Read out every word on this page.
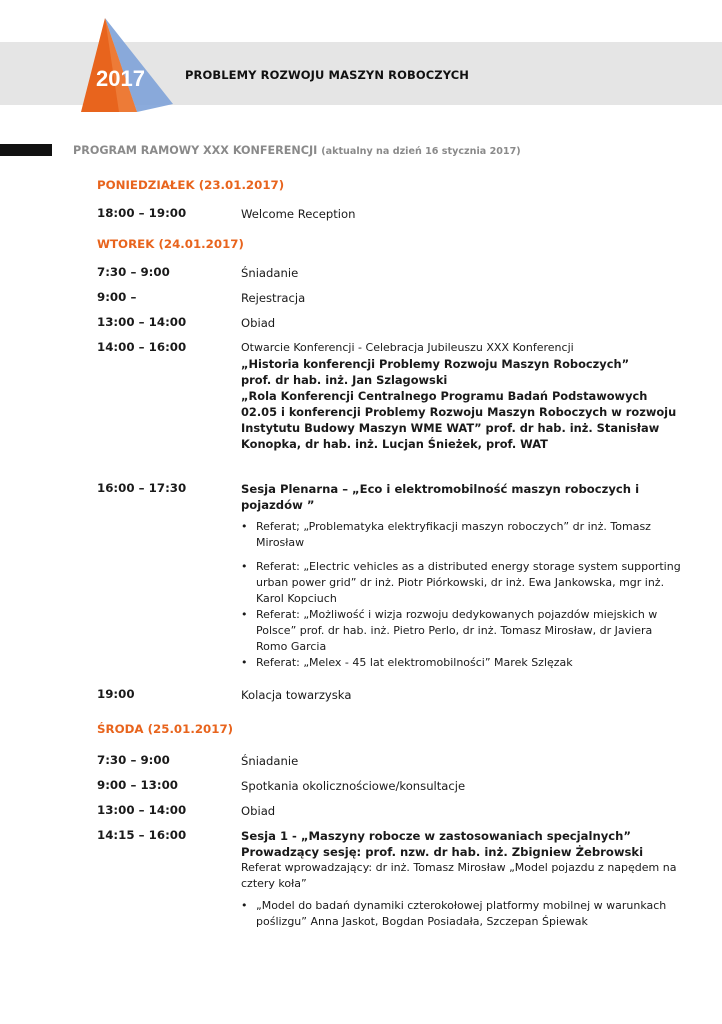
2017	PROBLEMY ROZWOJU MASZYN ROBOCZYCH
PROGRAM RAMOWY XXX KONFERENCJI (aktualny na dzień 16 stycznia 2017)
PONIEDZIAŁEK (23.01.2017)
18:00 – 19:00	Welcome Reception
WTOREK (24.01.2017)
7:30 – 9:00	Śniadanie
9:00 –	Rejestracja
13:00 – 14:00	Obiad
14:00 – 16:00	Otwarcie Konferencji - Celebracja Jubileuszu XXX Konferencji
„Historia konferencji Problemy Rozwoju Maszyn Roboczych”
prof. dr hab. inż. Jan Szlagowski
„Rola Konferencji Centralnego Programu Badań Podstawowych 02.05 i konferencji Problemy Rozwoju Maszyn Roboczych w rozwoju Instytutu Budowy Maszyn WME WAT” prof. dr hab. inż. Stanisław Konopka, dr hab. inż. Lucjan Śnieżek, prof. WAT
16:00 – 17:30	Sesja Plenarna – „Eco i elektromobilność maszyn roboczych i pojazdów ”
• Referat; „Problematyka elektryfikacji maszyn roboczych” dr inż. Tomasz Mirosław
• Referat: „Electric vehicles as a distributed energy storage system supporting urban power grid” dr inż. Piotr Piórkowski, dr inż. Ewa Jankowska, mgr inż. Karol Kopciuch
• Referat: „Możliwość i wizja rozwoju dedykowanych pojazdów miejskich w Polsce” prof. dr hab. inż. Pietro Perlo, dr inż. Tomasz Mirosław, dr Javiera Romo Garcia
• Referat: „Melex - 45 lat elektromobilności” Marek Szlęzak
19:00	Kolacja towarzyska
ŚRODA (25.01.2017)
7:30 – 9:00	Śniadanie
9:00 – 13:00	Spotkania okolicznościowe/konsultacje
13:00 – 14:00	Obiad
14:15 – 16:00	Sesja 1 - „Maszyny robocze w zastosowaniach specjalnych”
Prowadzący sesję: prof. nzw. dr hab. inż. Zbigniew Żebrowski
Referat wprowadzający: dr inż. Tomasz Mirosław „Model pojazdu z napędem na cztery koła”
• „Model do badań dynamiki czterokołowej platformy mobilnej w warunkach poślizgu” Anna Jaskot, Bogdan Posiadała, Szczepan Śpiewak
